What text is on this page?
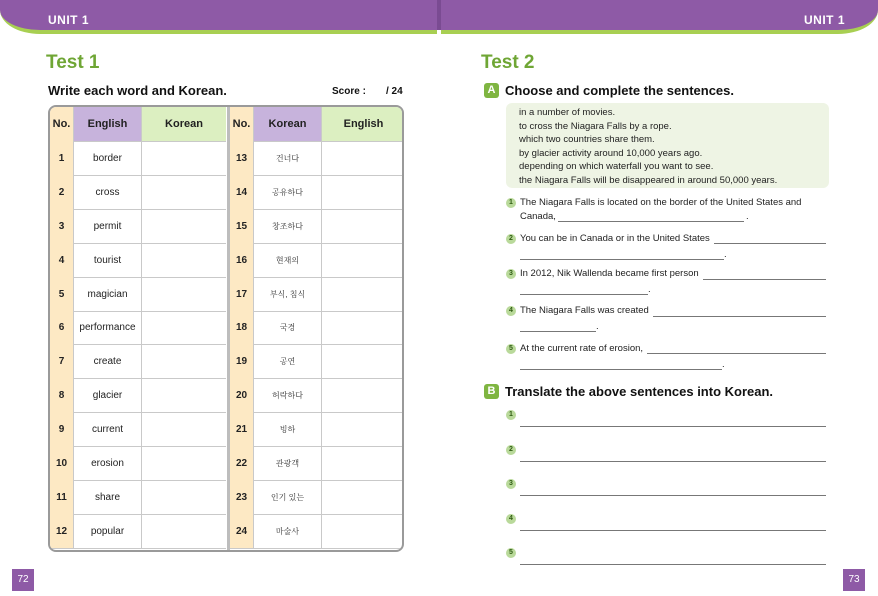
UNIT 1	UNIT 1
Test 1
Write each word and Korean.	Score : / 24
No.	English	Korean
1	border
2	cross
3	permit
4	tourist
5	magician
6	performance
7	create
8	glacier
9	current
10	erosion
11	share
12	popular
No.	Korean	English
13	건너다
14	공유하다
15	창조하다
16	현재의
17	부식, 침식
18	국경
19	공연
20	허락하다
21	빙하
22	관광객
23	인기 있는
24	마술사
Test 2
A Choose and complete the sentences.
in a number of movies.
to cross the Niagara Falls by a rope.
which two countries share them.
by glacier activity around 10,000 years ago.
depending on which waterfall you want to see.
the Niagara Falls will be disappeared in around 50,000 years.
1 The Niagara Falls is located on the border of the United States and
Canada,	.
2 You can be in Canada or in the United States
.
3 In 2012, Nik Wallenda became first person
.
4 The Niagara Falls was created
.
5 At the current rate of erosion,
.
B Translate the above sentences into Korean.
1
2
3
4
5
72	73
